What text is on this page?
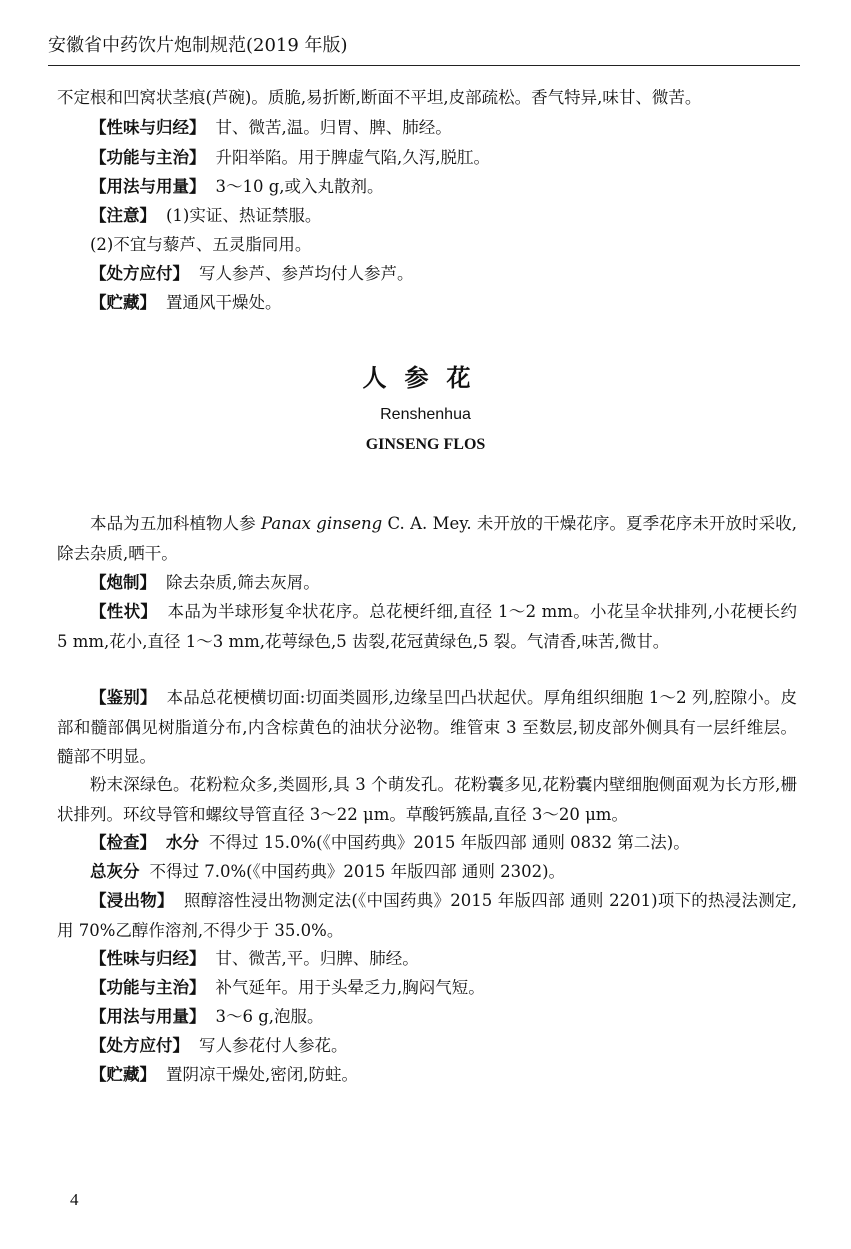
安徽省中药饮片炮制规范(2019 年版)

不定根和凹窝状茎痕(芦碗)。质脆,易折断,断面不平坦,皮部疏松。香气特异,味甘、微苦。

【性味与归经】 甘、微苦,温。归胃、脾、肺经。

【功能与主治】 升阳举陷。用于脾虚气陷,久泻,脱肛。

【用法与用量】 3～10 g,或入丸散剂。

【注意】 (1)实证、热证禁服。

(2)不宜与藜芦、五灵脂同用。

【处方应付】 写人参芦、参芦均付人参芦。

【贮藏】 置通风干燥处。

人参花
Renshenhua
GINSENG FLOS

本品为五加科植物人参 Panax ginseng C. A. Mey. 未开放的干燥花序。夏季花序未开放时采收,除去杂质,晒干。

【炮制】 除去杂质,筛去灰屑。

【性状】 本品为半球形复伞状花序。总花梗纤细,直径 1～2 mm。小花呈伞状排列,小花梗长约 5 mm,花小,直径 1～3 mm,花萼绿色,5 齿裂,花冠黄绿色,5 裂。气清香,味苦,微甘。

【鉴别】 本品总花梗横切面:切面类圆形,边缘呈凹凸状起伏。厚角组织细胞 1～2 列,腔隙小。皮部和髓部偶见树脂道分布,内含棕黄色的油状分泌物。维管束 3 至数层,韧皮部外侧具有一层纤维层。髓部不明显。

粉末深绿色。花粉粒众多,类圆形,具 3 个萌发孔。花粉囊多见,花粉囊内壁细胞侧面观为长方形,栅状排列。环纹导管和螺纹导管直径 3～22 μm。草酸钙簇晶,直径 3～20 μm。

【检查】 水分 不得过 15.0%(《中国药典》2015 年版四部 通则 0832 第二法)。

总灰分 不得过 7.0%(《中国药典》2015 年版四部 通则 2302)。

【浸出物】 照醇溶性浸出物测定法(《中国药典》2015 年版四部 通则 2201)项下的热浸法测定,用 70%乙醇作溶剂,不得少于 35.0%。

【性味与归经】 甘、微苦,平。归脾、肺经。

【功能与主治】 补气延年。用于头晕乏力,胸闷气短。

【用法与用量】 3～6 g,泡服。

【处方应付】 写人参花付人参花。

【贮藏】 置阴凉干燥处,密闭,防蛀。

4
